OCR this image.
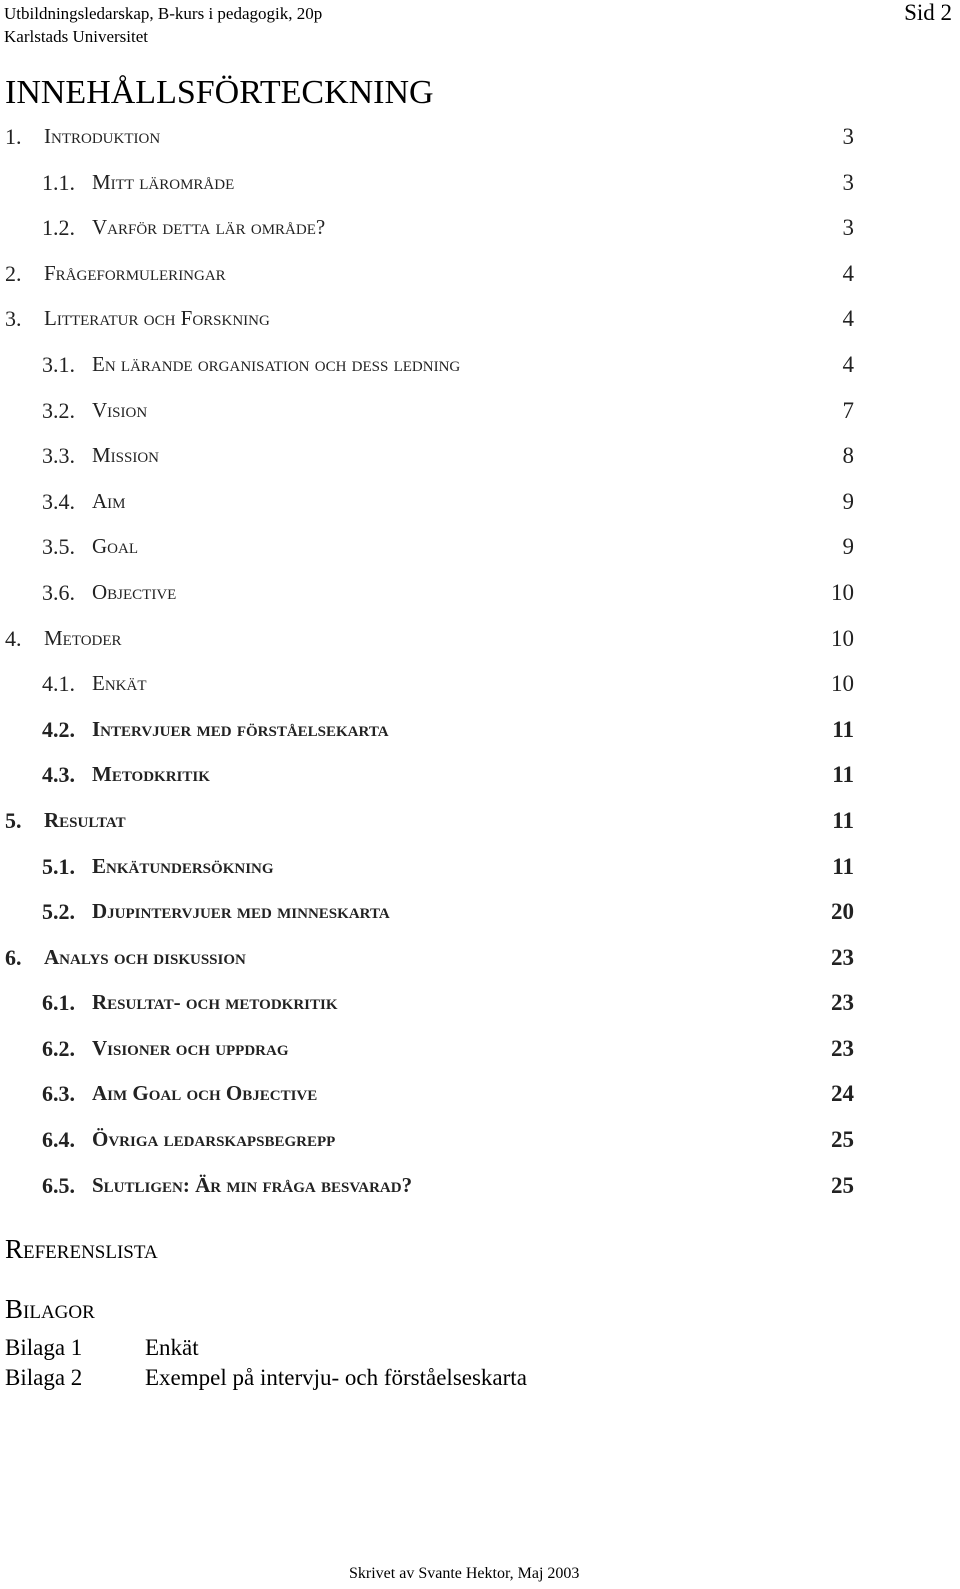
Utbildningsledarskap, B-kurs i pedagogik, 20p
Karlstads Universitet
Sid 2
INNEHÅLLSFÖRTECKNING
1. Introduktion	3
1.1. Mitt lärområde	3
1.2. Varför detta lär område?	3
2. Frågeformuleringar	4
3. Litteratur och Forskning	4
3.1. En lärande organisation och dess ledning	4
3.2. Vision	7
3.3. Mission	8
3.4. Aim	9
3.5. Goal	9
3.6. Objective	10
4. Metoder	10
4.1. Enkät	10
4.2. Intervjuer med förståelsekarta	11
4.3. Metodkritik	11
5. Resultat	11
5.1. Enkätundersökning	11
5.2. Djupintervjuer med minneskarta	20
6. Analys och diskussion	23
6.1. Resultat- och metodkritik	23
6.2. Visioner och uppdrag	23
6.3. Aim Goal och Objective	24
6.4. Övriga ledarskapsbegrepp	25
6.5. Slutligen: Är min fråga besvarad?	25
Referenslista
Bilagor
Bilaga 1	Enkät
Bilaga 2	Exempel på intervju- och förståelseskarta
Skrivet av Svante Hektor, Maj 2003
